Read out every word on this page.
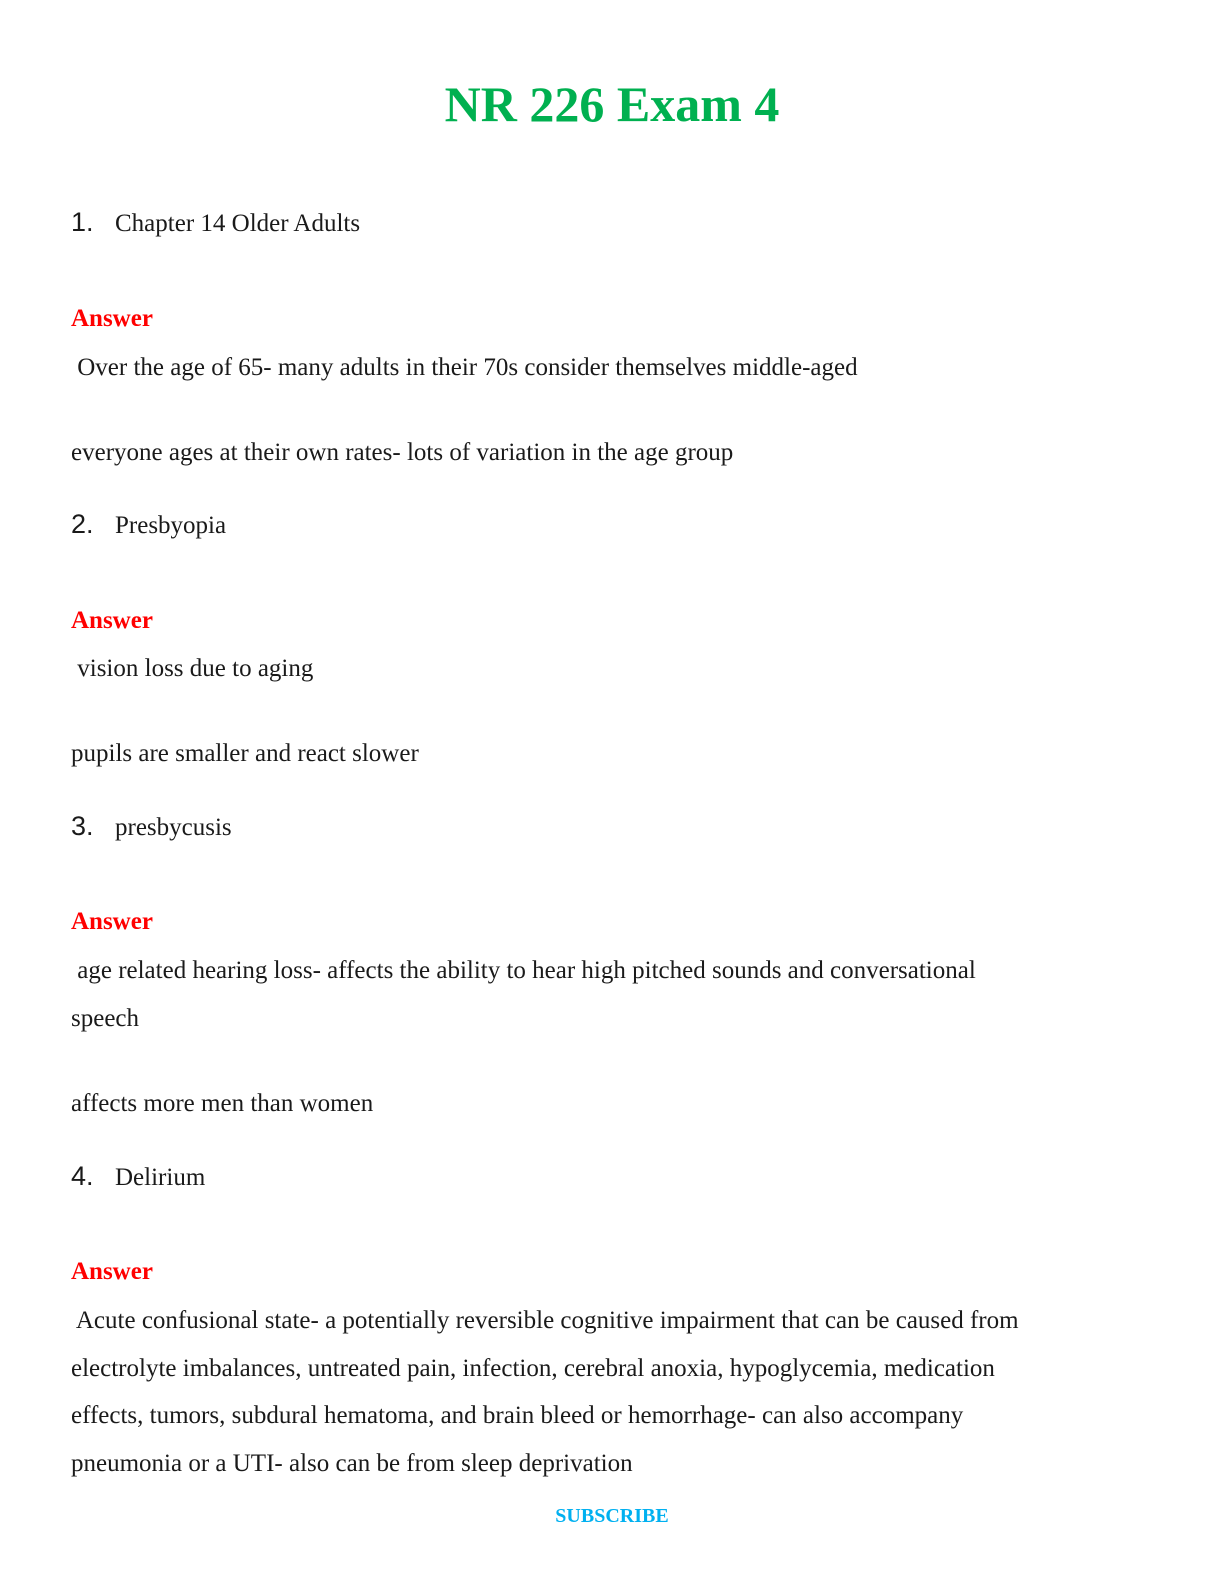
NR 226 Exam 4
1. Chapter 14 Older Adults
Answer
Over the age of 65- many adults in their 70s consider themselves middle-aged
everyone ages at their own rates- lots of variation in the age group
2. Presbyopia
Answer
vision loss due to aging
pupils are smaller and react slower
3. presbycusis
Answer
age related hearing loss- affects the ability to hear high pitched sounds and conversational
speech
affects more men than women
4. Delirium
Answer
Acute confusional state- a potentially reversible cognitive impairment that can be caused from
electrolyte imbalances, untreated pain, infection, cerebral anoxia, hypoglycemia, medication
effects, tumors, subdural hematoma, and brain bleed or hemorrhage- can also accompany
pneumonia or a UTI- also can be from sleep deprivation
SUBSCRIBE
